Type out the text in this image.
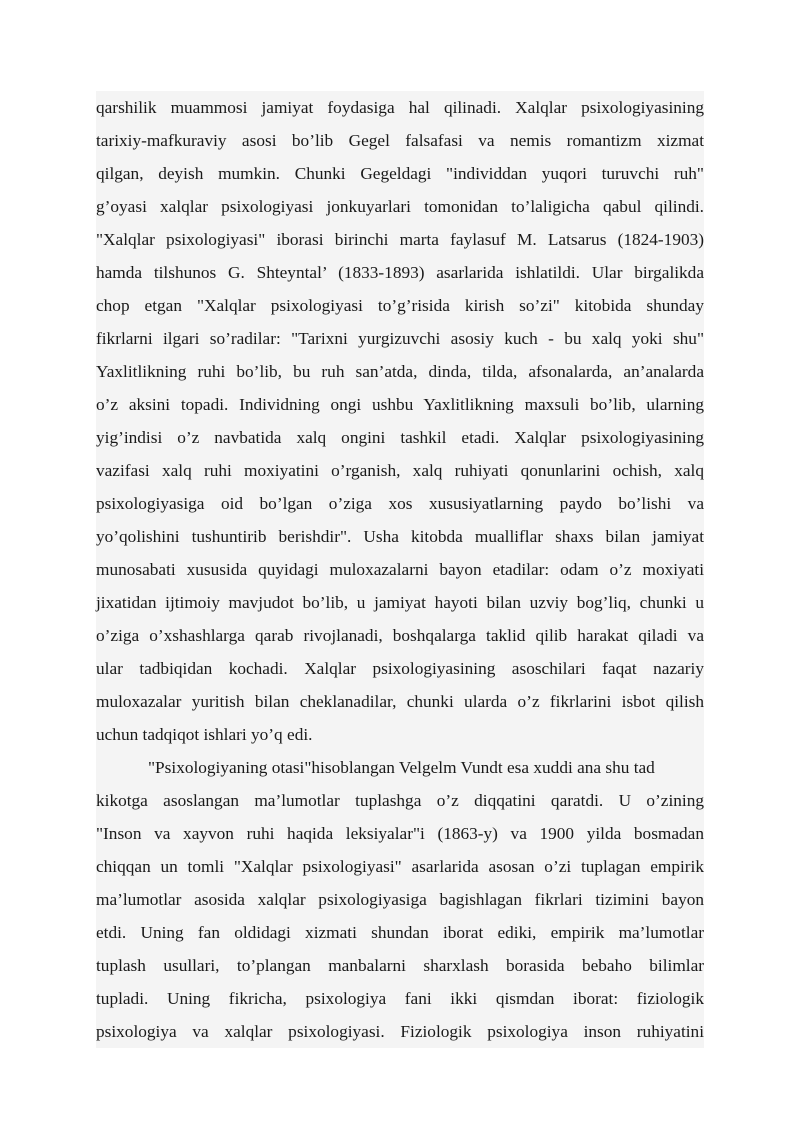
qarshilik muammosi jamiyat foydasiga hal qilinadi. Xalqlar psixologiyasining
tarixiy-mafkuraviy asosi bo’lib Gegel falsafasi va nemis romantizm xizmat
qilgan, deyish mumkin. Chunki Gegeldagi "individdan yuqori turuvchi ruh"
g’oyasi xalqlar psixologiyasi jonkuyarlari tomonidan to’laligicha qabul qilindi.
"Xalqlar psixologiyasi" iborasi birinchi marta faylasuf M. Latsarus (1824-1903)
hamda tilshunos G. Shteyntal’ (1833-1893) asarlarida ishlatildi. Ular birgalikda
chop etgan "Xalqlar psixologiyasi to’g’risida kirish so’zi" kitobida shunday
fikrlarni ilgari so’radilar: "Tarixni yurgizuvchi asosiy kuch - bu xalq yoki shu"
Yaxlitlikning ruhi bo’lib, bu ruh san’atda, dinda, tilda, afsonalarda, an’analarda
o’z aksini topadi. Individning ongi ushbu Yaxlitlikning maxsuli bo’lib, ularning
yig’indisi o’z navbatida xalq ongini tashkil etadi. Xalqlar psixologiyasining
vazifasi xalq ruhi moxiyatini o’rganish, xalq ruhiyati qonunlarini ochish, xalq
psixologiyasiga oid bo’lgan o’ziga xos xususiyatlarning paydo bo’lishi va
yo’qolishini tushuntirib berishdir". Usha kitobda mualliflar shaxs bilan jamiyat
munosabati xususida quyidagi muloxazalarni bayon etadilar: odam o’z moxiyati
jixatidan ijtimoiy mavjudot bo’lib, u jamiyat hayoti bilan uzviy bog’liq, chunki u
o’ziga o’xshashlarga qarab rivojlanadi, boshqalarga taklid qilib harakat qiladi va
ular tadbiqidan kochadi. Xalqlar psixologiyasining asoschilari faqat nazariy
muloxazalar yuritish bilan cheklanadilar, chunki ularda o’z fikrlarini isbot qilish
uchun tadqiqot ishlari yo’q edi.
"Psixologiyaning otasi"hisoblangan Velgelm Vundt esa xuddi ana shu tad
kikotga asoslangan ma’lumotlar tuplashga o’z diqqatini qaratdi. U o’zining
"Inson va xayvon ruhi haqida leksiyalar"i (1863-y) va 1900 yilda bosmadan
chiqqan un tomli "Xalqlar psixologiyasi" asarlarida asosan o’zi tuplagan empirik
ma’lumotlar asosida xalqlar psixologiyasiga bagishlagan fikrlari tizimini bayon
etdi. Uning fan oldidagi xizmati shundan iborat ediki, empirik ma’lumotlar
tuplash usullari, to’plangan manbalarni sharxlash borasida bebaho bilimlar
tupladi. Uning fikricha, psixologiya fani ikki qismdan iborat: fiziologik
psixologiya va xalqlar psixologiyasi. Fiziologik psixologiya inson ruhiyatini
